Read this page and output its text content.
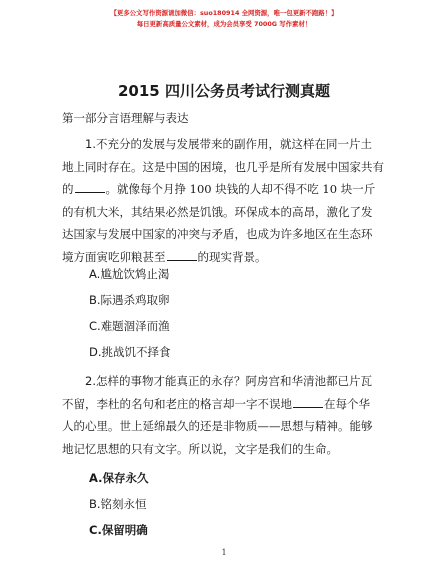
【更多公文写作资源请加微信：suo180914 全网资源，唯一包更新不跑路！】
每日更新高质量公文素材，成为会员享受 7000G 写作素材！
2015 四川公务员考试行测真题
第一部分言语理解与表达
1.不充分的发展与发展带来的副作用，就这样在同一片土
地上同时存在。这是中国的困境，也几乎是所有发展中国家共有
的	。就像每个月挣 100 块钱的人却不得不吃 10 块一斤
的有机大米，其结果必然是饥饿。环保成本的高昂，激化了发
达国家与发展中国家的冲突与矛盾，也成为许多地区在生态环
境方面寅吃卯粮甚至	的现实背景。
A.尴尬饮鸩止渴
B.际遇杀鸡取卵
C.难题涸泽而渔
D.挑战饥不择食
2.怎样的事物才能真正的永存？阿房宫和华清池都已片瓦
不留，李杜的名句和老庄的格言却一字不误地	在每个华
人的心里。世上延绵最久的还是非物质——思想与精神。能够
地记忆思想的只有文字。所以说，文字是我们的生命。
A.保存永久
B.铭刻永恒
C.保留明确
1
